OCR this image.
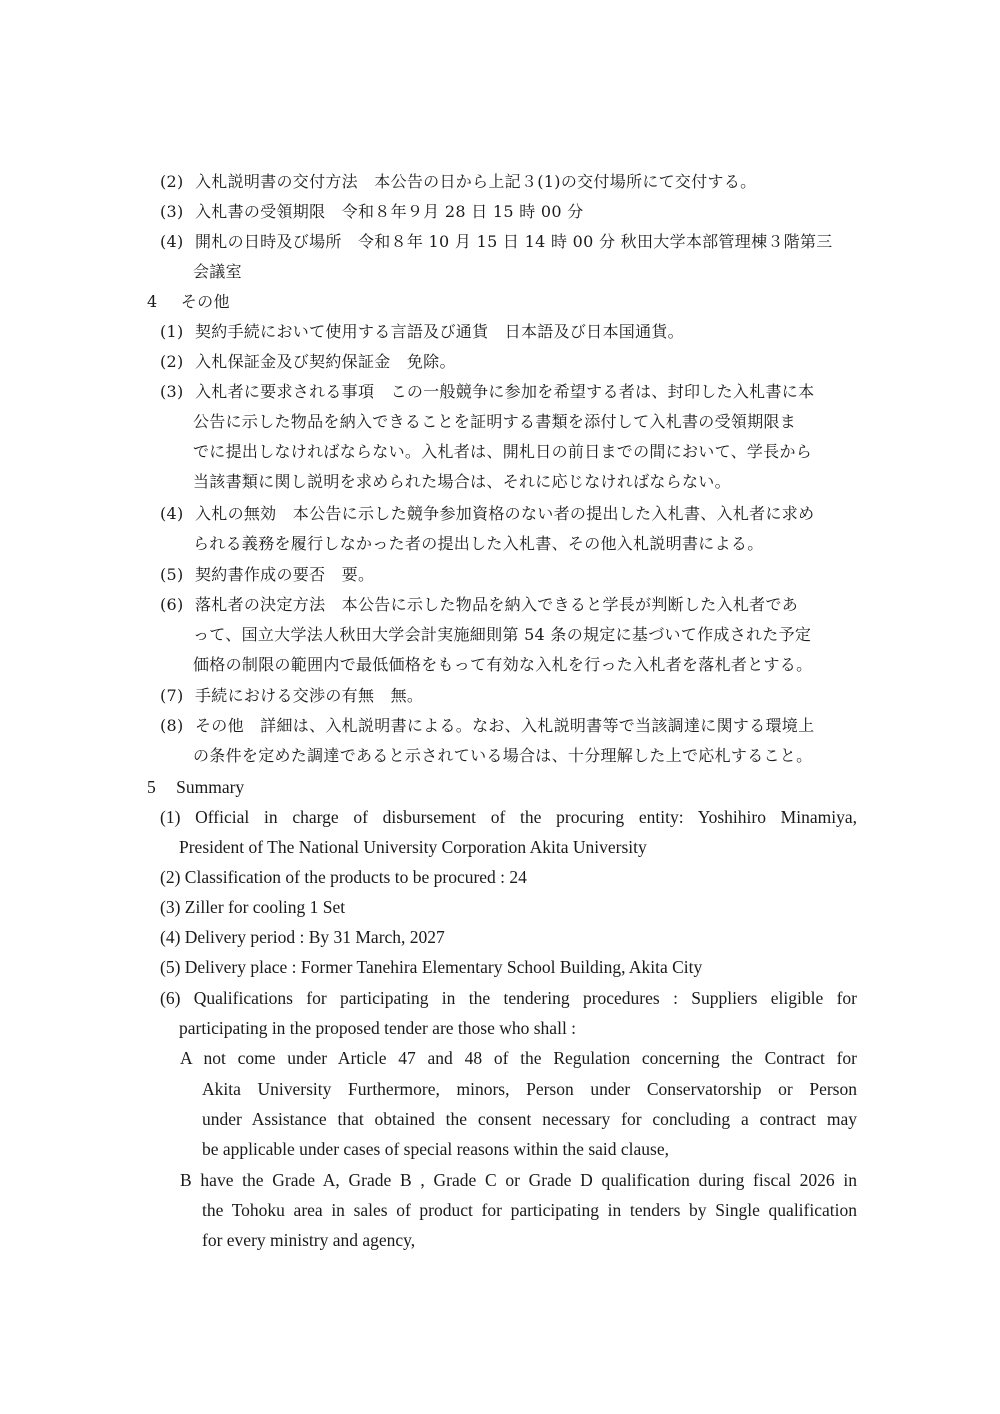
(2) 入札説明書の交付方法　本公告の日から上記３(1)の交付場所にて交付する。
(3) 入札書の受領期限　令和８年９月 28 日 15 時 00 分
(4) 開札の日時及び場所　令和８年 10 月 15 日 14 時 00 分 秋田大学本部管理棟３階第三
会議室
4 その他
(1) 契約手続において使用する言語及び通貨　日本語及び日本国通貨。
(2) 入札保証金及び契約保証金　免除。
(3) 入札者に要求される事項　この一般競争に参加を希望する者は、封印した入札書に本
公告に示した物品を納入できることを証明する書類を添付して入札書の受領期限ま
でに提出しなければならない。入札者は、開札日の前日までの間において、学長から
当該書類に関し説明を求められた場合は、それに応じなければならない。
(4) 入札の無効　本公告に示した競争参加資格のない者の提出した入札書、入札者に求め
られる義務を履行しなかった者の提出した入札書、その他入札説明書による。
(5) 契約書作成の要否　要。
(6) 落札者の決定方法　本公告に示した物品を納入できると学長が判断した入札者であ
って、国立大学法人秋田大学会計実施細則第 54 条の規定に基づいて作成された予定
価格の制限の範囲内で最低価格をもって有効な入札を行った入札者を落札者とする。
(7) 手続における交渉の有無　無。
(8) その他　詳細は、入札説明書による。なお、入札説明書等で当該調達に関する環境上
の条件を定めた調達であると示されている場合は、十分理解した上で応札すること。
5 Summary
(1) Official in charge of disbursement of the procuring entity: Yoshihiro Minamiya,
President of The National University Corporation Akita University
(2) Classification of the products to be procured : 24
(3) Ziller for cooling 1 Set
(4) Delivery period : By 31 March, 2027
(5) Delivery place : Former Tanehira Elementary School Building, Akita City
(6) Qualifications for participating in the tendering procedures : Suppliers eligible for
participating in the proposed tender are those who shall :
A not come under Article 47 and 48 of the Regulation concerning the Contract for
Akita University Furthermore, minors, Person under Conservatorship or Person
under Assistance that obtained the consent necessary for concluding a contract may
be applicable under cases of special reasons within the said clause,
B have the Grade A, Grade B , Grade C or Grade D qualification during fiscal 2026 in
the Tohoku area in sales of product for participating in tenders by Single qualification
for every ministry and agency,
